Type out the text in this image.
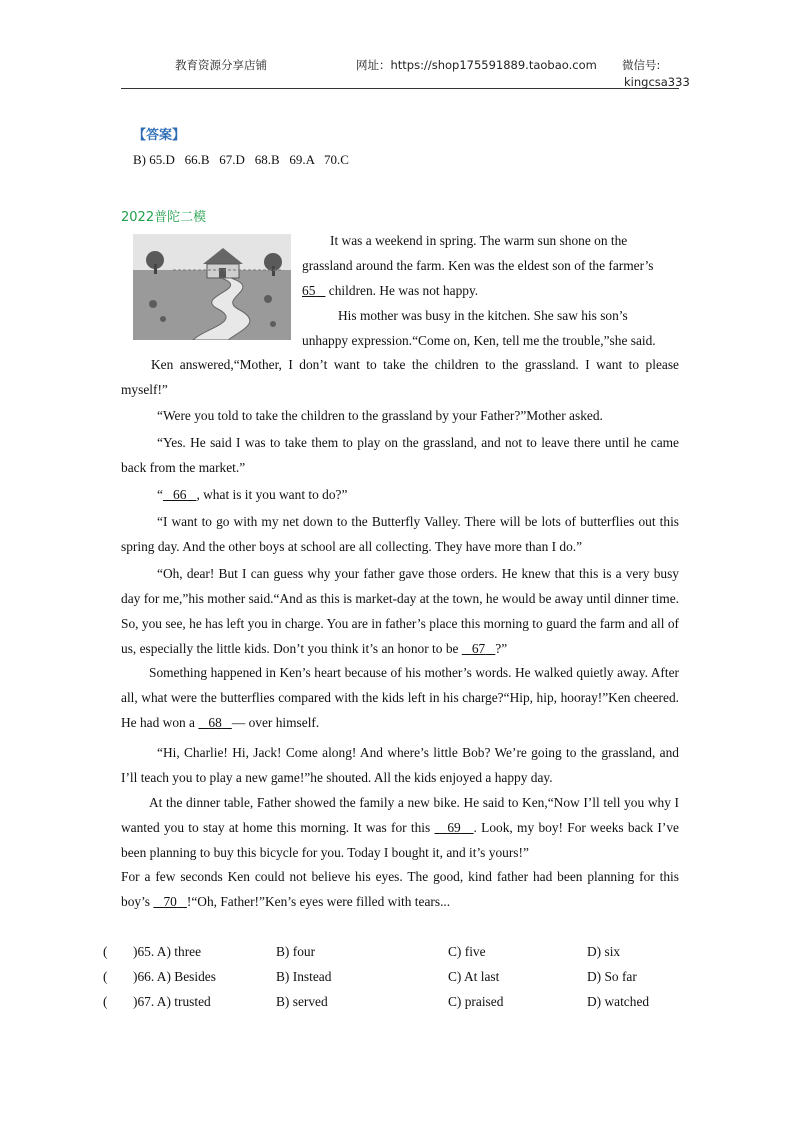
教育资源分享店铺	网址：https://shop175591889.taobao.com 微信号:
kingcsa333
【答案】
B) 65.D   66.B   67.D   68.B   69.A   70.C
2022普陀二模

It was a weekend in spring. The warm sun shone on the

grassland around the farm. Ken was the eldest son of the farmer’s

65 children. He was not happy.

His mother was busy in the kitchen. She saw his son’s

unhappy expression.“Come on, Ken, tell me the trouble,”she said.

Ken answered,“Mother, I don’t want to take the children to the grassland. I want to please myself!”

“Were you told to take the children to the grassland by your Father?”Mother asked.

“Yes. He said I was to take them to play on the grassland, and not to leave there until he came back from the market.”

“ 66 , what is it you want to do?”

“I want to go with my net down to the Butterfly Valley. There will be lots of butterflies out this spring day. And the other boys at school are all collecting. They have more than I do.”

“Oh, dear! But I can guess why your father gave those orders. He knew that this is a very busy day for me,”his mother said.“And as this is market-day at the town, he would be away until dinner time. So, you see, he has left you in charge. You are in father’s place this morning to guard the farm and all of us, especially the little kids. Don’t you think it’s an honor to be 67 ?”

Something happened in Ken’s heart because of his mother’s words. He walked quietly away. After all, what were the butterflies compared with the kids left in his charge?“Hip, hip, hooray!”Ken cheered. He had won a 68 — over himself.

“Hi, Charlie! Hi, Jack! Come along! And where’s little Bob? We’re going to the grassland, and I’ll teach you to play a new game!”he shouted. All the kids enjoyed a happy day.

At the dinner table, Father showed the family a new bike. He said to Ken,“Now I’ll tell you why I wanted you to stay at home this morning. It was for this 69 . Look, my boy! For weeks back I’ve been planning to buy this bicycle for you. Today I bought it, and it’s yours!”

For a few seconds Ken could not believe his eyes. The good, kind father had been planning for this boy’s 70 !“Oh, Father!”Ken’s eyes were filled with tears...

( )65. A) three	B) four	C) five	D) six
( )66. A) Besides	B) Instead	C) At last	D) So far
( )67. A) trusted	B) served	C) praised	D) watched
